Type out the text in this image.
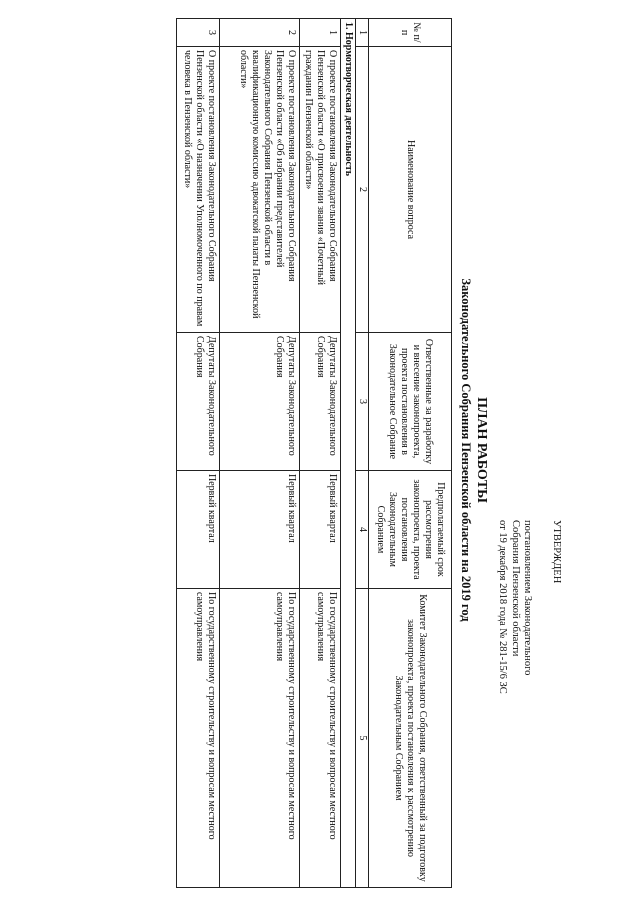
УТВЕРЖДЕН
постановлением Законодательного
Собрания Пензенской области
от 19 декабря 2018 года № 281-15/6 ЗС
ПЛАН РАБОТЫ
Законодательного Собрания Пензенской области на 2019 год
№ п/п	Наименование вопроса	Ответственные за разработку и внесение законопроекта, проекта постановления в Законодательное Собрание	Предполагаемый срок рассмотрения законопроекта, проекта постановления Законодательным Собранием	Комитет Законодательного Собрания, ответственный за подготовку законопроекта, проекта постановления к рассмотрению Законодательным Собранием
1	2	3	4	5
1. Нормотворческая деятельность				
1	О проекте постановления Законодательного Собрания Пензенской области «О присвоении звания «Почетный гражданин Пензенской области»	Депутаты Законодательного Собрания	Первый квартал	По государственному строительству и вопросам местного самоуправления
2	О проекте постановления Законодательного Собрания Пензенской области «Об избрании представителей Законодательного Собрания Пензенской области в квалификационную комиссию адвокатской палаты Пензенской области»	Депутаты Законодательного Собрания	Первый квартал	По государственному строительству и вопросам местного самоуправления
3	О проекте постановления Законодательного Собрания Пензенской области «О назначении Уполномоченного по правам человека в Пензенской области»	Депутаты Законодательного Собрания	Первый квартал	По государственному строительству и вопросам местного самоуправления
